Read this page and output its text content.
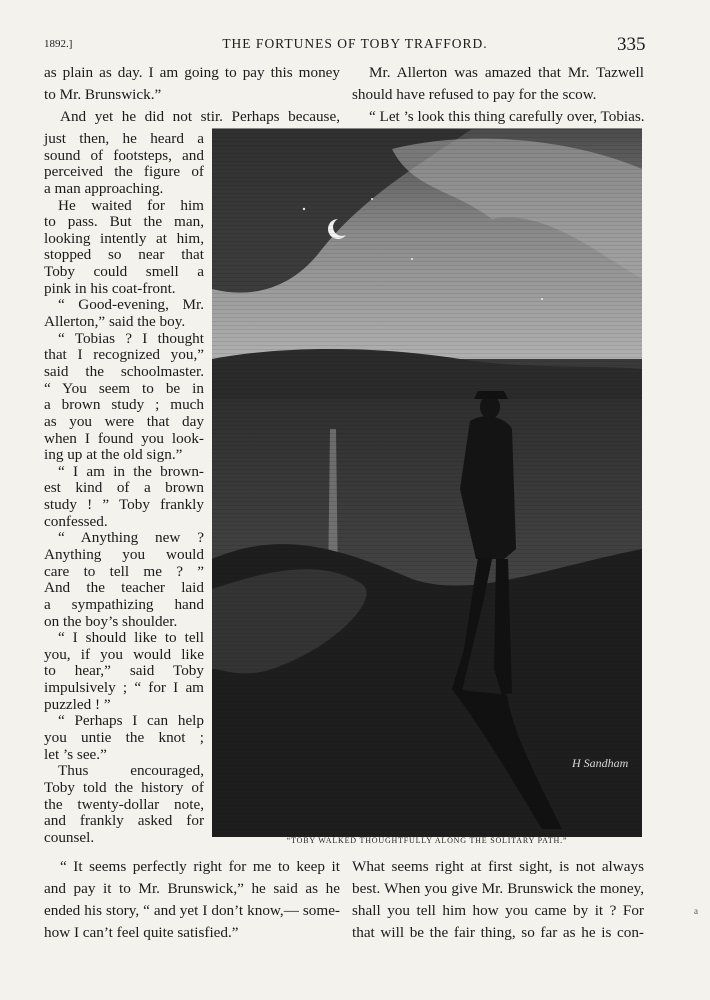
1892.]	THE FORTUNES OF TOBY TRAFFORD.	335
as plain as day. I am going to pay this money
to Mr. Brunswick.”
And yet he did not stir. Perhaps because,
Mr. Allerton was amazed that Mr. Tazwell
should have refused to pay for the scow.
“ Let ’s look this thing carefully over, Tobias.
just then, he heard a
sound of footsteps, and
perceived the figure of
a man approaching.
He waited for him
to pass. But the man,
looking intently at him,
stopped so near that
Toby could smell a
pink in his coat-front.
“ Good-evening, Mr.
Allerton,” said the boy.
“ Tobias ? I thought
that I recognized you,”
said the schoolmaster.
“ You seem to be in
a brown study ; much
as you were that day
when I found you look-
ing up at the old sign.”
“ I am in the brown-
est kind of a brown
study ! ” Toby frankly
confessed.
“ Anything new ?
Anything you would
care to tell me ? ”
And the teacher laid
a sympathizing hand
on the boy’s shoulder.
“ I should like to tell
you, if you would like
to hear,” said Toby
impulsively ; “ for I am
puzzled ! ”
“ Perhaps I can help
you untie the knot ;
let ’s see.”
Thus encouraged,
Toby told the history of
the twenty-dollar note,
and frankly asked for
counsel.
H Sandham
“TOBY WALKED THOUGHTFULLY ALONG THE SOLITARY PATH.”
“ It seems perfectly right for me to keep it
and pay it to Mr. Brunswick,” he said as he
ended his story, “ and yet I don’t know,— some-
how I can’t feel quite satisfied.”
What seems right at first sight, is not always
best. When you give Mr. Brunswick the money,
shall you tell him how you came by it ? For
that will be the fair thing, so far as he is con-
a
